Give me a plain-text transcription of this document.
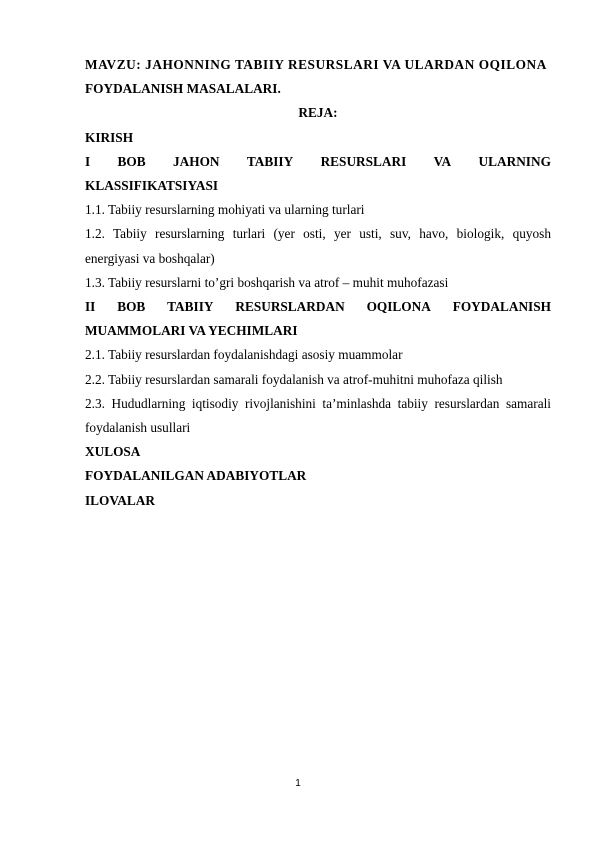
MAVZU: JAHONNING TABIIY RESURSLARI VA ULARDAN OQILONA
FOYDALANISH MASALALARI.
REJA:
KIRISH
I BOB JAHON TABIIY RESURSLARI VA ULARNING
KLASSIFIKATSIYASI
1.1. Tabiiy resurslarning mohiyati va ularning turlari
1.2. Tabiiy resurslarning turlari (yer osti, yer usti, suv, havo, biologik, quyosh energiyasi va boshqalar)
1.3. Tabiiy resurslarni to’gri boshqarish va atrof – muhit muhofazasi
II BOB TABIIY RESURSLARDAN OQILONA FOYDALANISH
MUAMMOLARI VA YECHIMLARI
2.1. Tabiiy resurslardan foydalanishdagi asosiy muammolar
2.2. Tabiiy resurslardan samarali foydalanish va atrof-muhitni muhofaza qilish
2.3. Hududlarning iqtisodiy rivojlanishini ta’minlashda tabiiy resurslardan samarali foydalanish usullari
XULOSA
FOYDALANILGAN ADABIYOTLAR
ILOVALAR
1
